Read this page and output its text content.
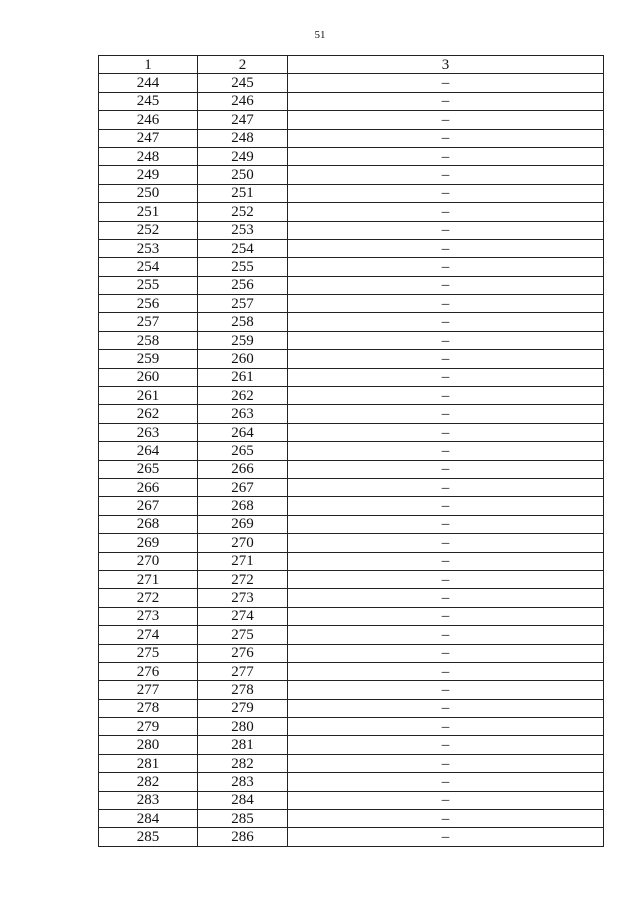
51
1	2	3
244	245	–
245	246	–
246	247	–
247	248	–
248	249	–
249	250	–
250	251	–
251	252	–
252	253	–
253	254	–
254	255	–
255	256	–
256	257	–
257	258	–
258	259	–
259	260	–
260	261	–
261	262	–
262	263	–
263	264	–
264	265	–
265	266	–
266	267	–
267	268	–
268	269	–
269	270	–
270	271	–
271	272	–
272	273	–
273	274	–
274	275	–
275	276	–
276	277	–
277	278	–
278	279	–
279	280	–
280	281	–
281	282	–
282	283	–
283	284	–
284	285	–
285	286	–
